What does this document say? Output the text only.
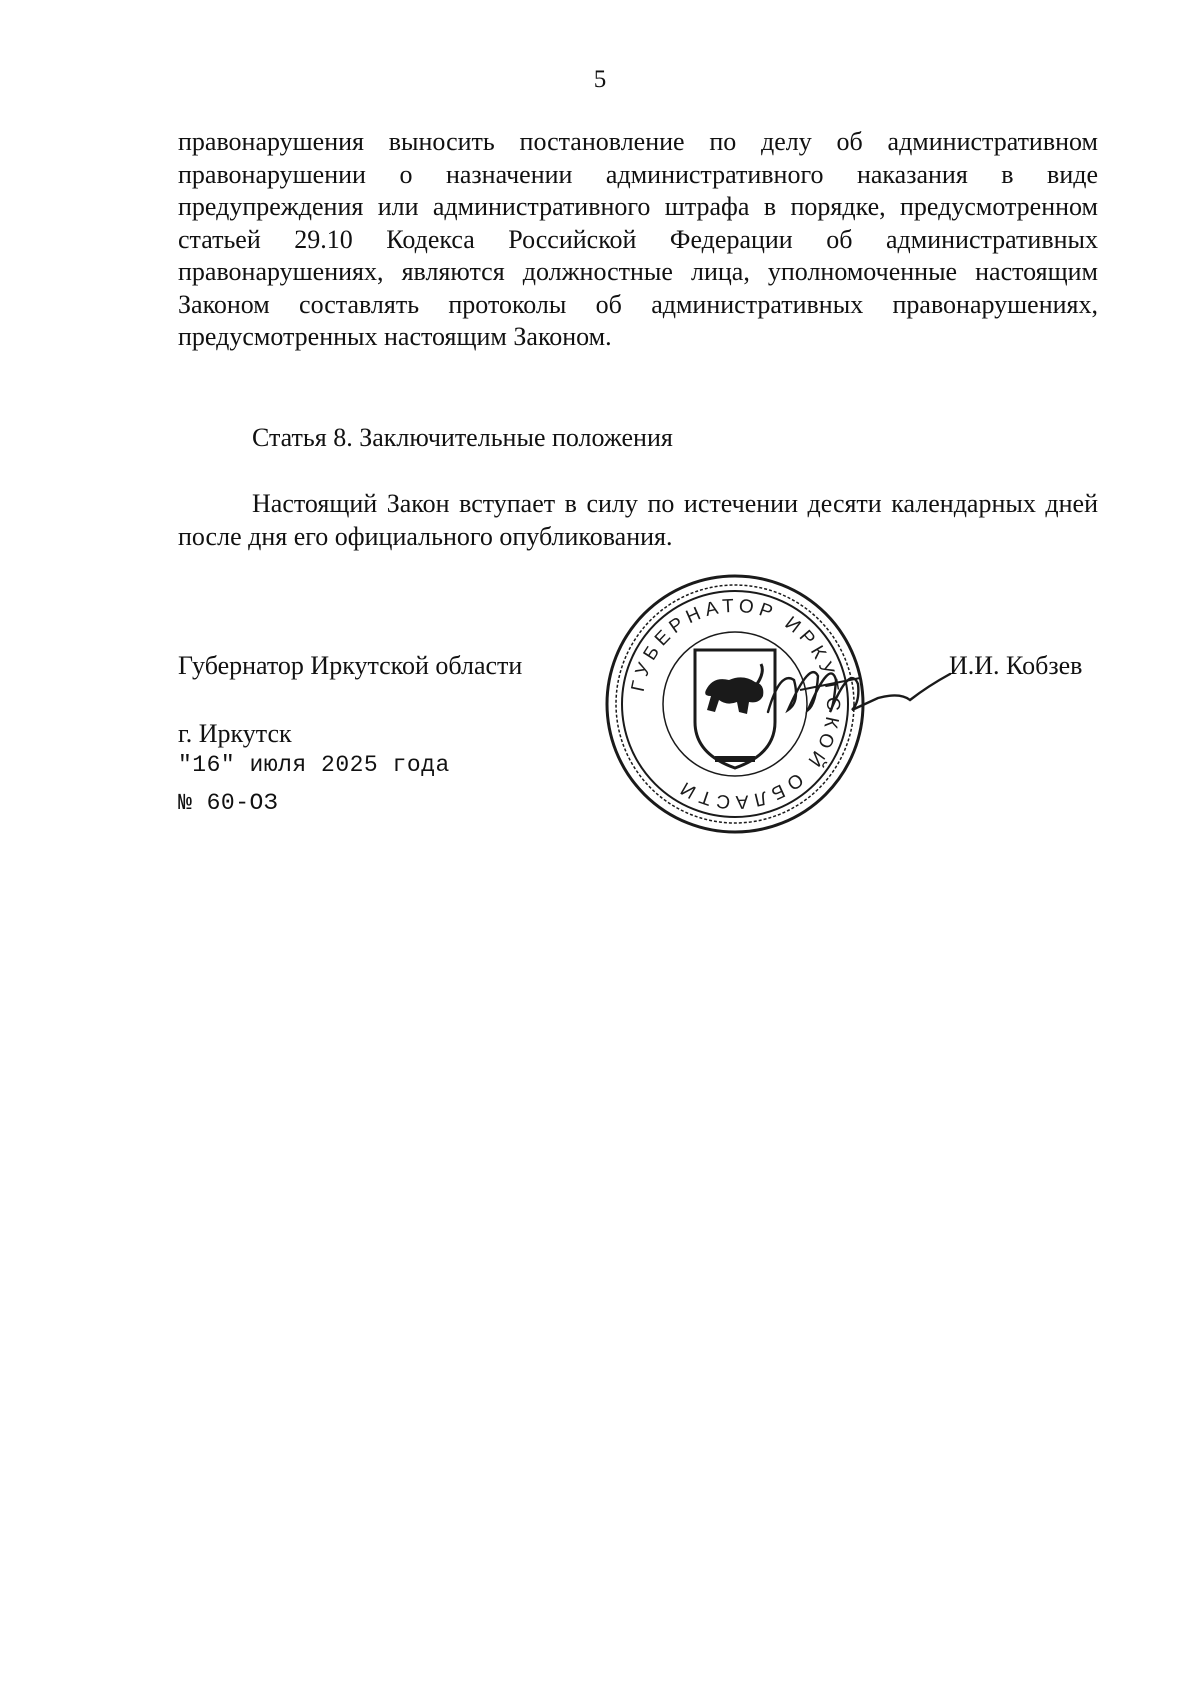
5

правонарушения выносить постановление по делу об административном правонарушении о назначении административного наказания в виде предупреждения или административного штрафа в порядке, предусмотренном статьей 29.10 Кодекса Российской Федерации об административных правонарушениях, являются должностные лица, уполномоченные настоящим Законом составлять протоколы об административных правонарушениях, предусмотренных настоящим Законом.

Статья 8. Заключительные положения

Настоящий Закон вступает в силу по истечении десяти календарных дней после дня его официального опубликования.

Губернатор Иркутской области
ГУБЕРНАТОР ИРКУТСКОЙ ОБЛАСТИ
И.И. Кобзев
г. Иркутск
"16" июля 2025 года
№ 60-ОЗ
